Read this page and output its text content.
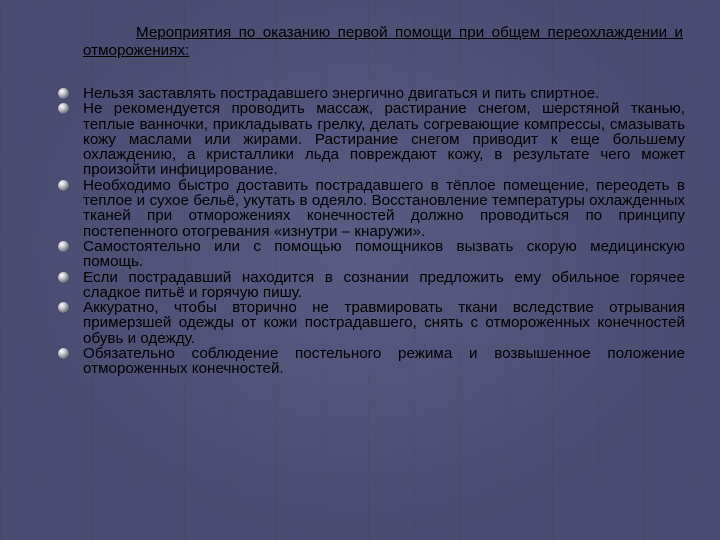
Мероприятия по оказанию первой помощи при общем переохлаждении и отморожениях:
Нельзя заставлять пострадавшего энергично двигаться и пить спиртное.
Не рекомендуется проводить массаж, растирание снегом, шерстяной тканью, теплые ванночки, прикладывать грелку, делать согревающие компрессы, смазывать кожу маслами или жирами. Растирание снегом приводит к еще большему охлаждению, а кристаллики льда повреждают кожу, в результате чего может произойти инфицирование.
Необходимо быстро доставить пострадавшего в тёплое помещение, переодеть в теплое и сухое бельё, укутать в одеяло. Восстановление температуры охлажденных тканей при отморожениях конечностей должно проводиться по принципу постепенного отогревания «изнутри – кнаружи».
Самостоятельно или с помощью помощников вызвать скорую медицинскую помощь.
Если пострадавший находится в сознании предложить ему обильное горячее сладкое питьё и горячую пишу.
Аккуратно, чтобы вторично не травмировать ткани вследствие отрывания примерзшей одежды от кожи пострадавшего, снять с отмороженных конечностей обувь и одежду.
Обязательно соблюдение постельного режима и возвышенное положение отмороженных конечностей.
